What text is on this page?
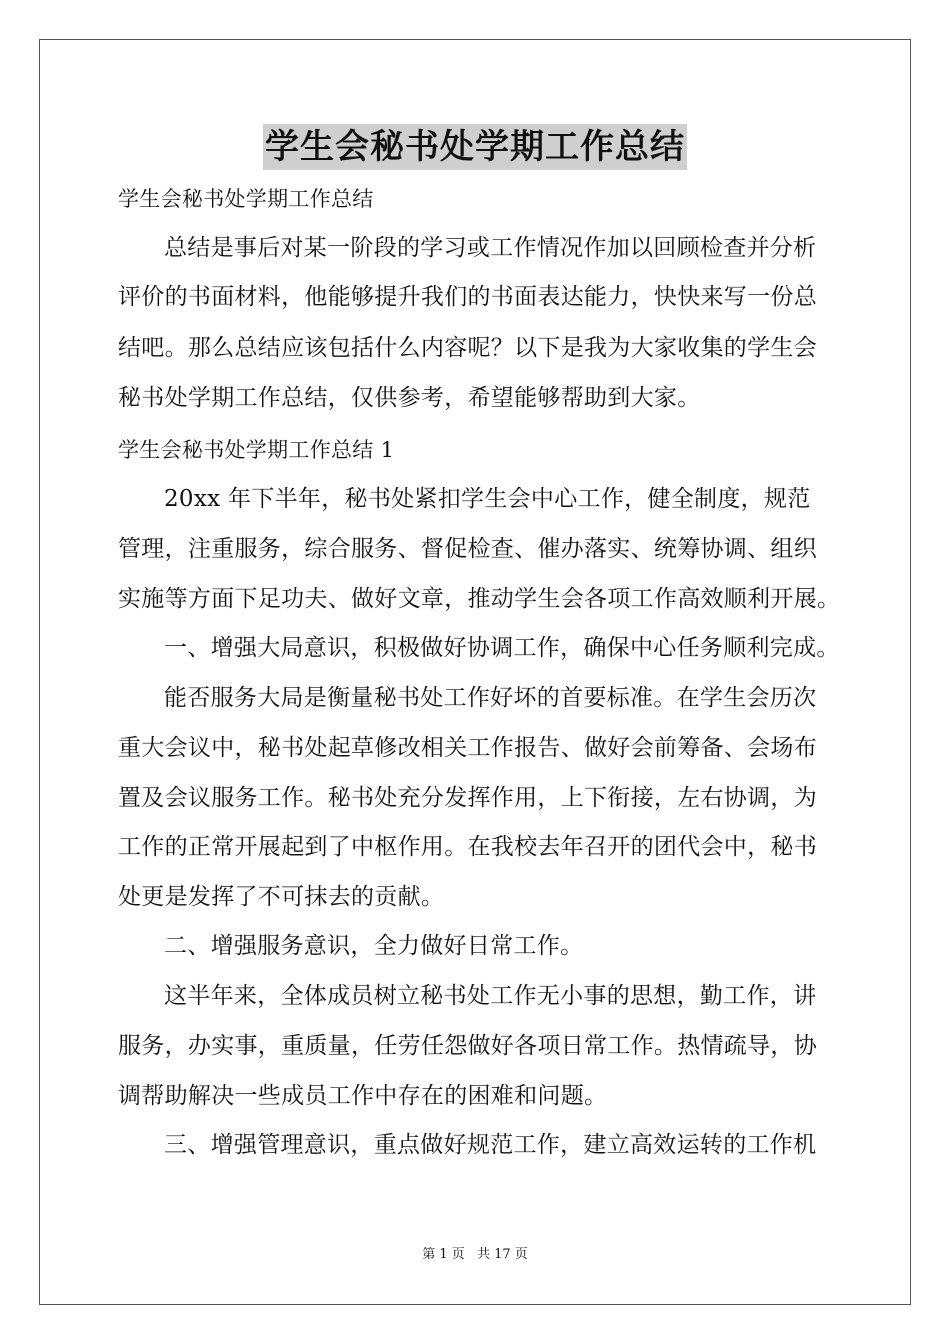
学生会秘书处学期工作总结
学生会秘书处学期工作总结
总结是事后对某一阶段的学习或工作情况作加以回顾检查并分析
评价的书面材料，他能够提升我们的书面表达能力，快快来写一份总
结吧。那么总结应该包括什么内容呢？以下是我为大家收集的学生会
秘书处学期工作总结，仅供参考，希望能够帮助到大家。
学生会秘书处学期工作总结 1
20xx 年下半年，秘书处紧扣学生会中心工作，健全制度，规范
管理，注重服务，综合服务、督促检查、催办落实、统筹协调、组织
实施等方面下足功夫、做好文章，推动学生会各项工作高效顺利开展。
一、增强大局意识，积极做好协调工作，确保中心任务顺利完成。
能否服务大局是衡量秘书处工作好坏的首要标准。在学生会历次
重大会议中，秘书处起草修改相关工作报告、做好会前筹备、会场布
置及会议服务工作。秘书处充分发挥作用，上下衔接，左右协调，为
工作的正常开展起到了中枢作用。在我校去年召开的团代会中，秘书
处更是发挥了不可抹去的贡献。
二、增强服务意识，全力做好日常工作。
这半年来，全体成员树立秘书处工作无小事的思想，勤工作，讲
服务，办实事，重质量，任劳任怨做好各项日常工作。热情疏导，协
调帮助解决一些成员工作中存在的困难和问题。
三、增强管理意识，重点做好规范工作，建立高效运转的工作机
第 1 页 共 17 页
